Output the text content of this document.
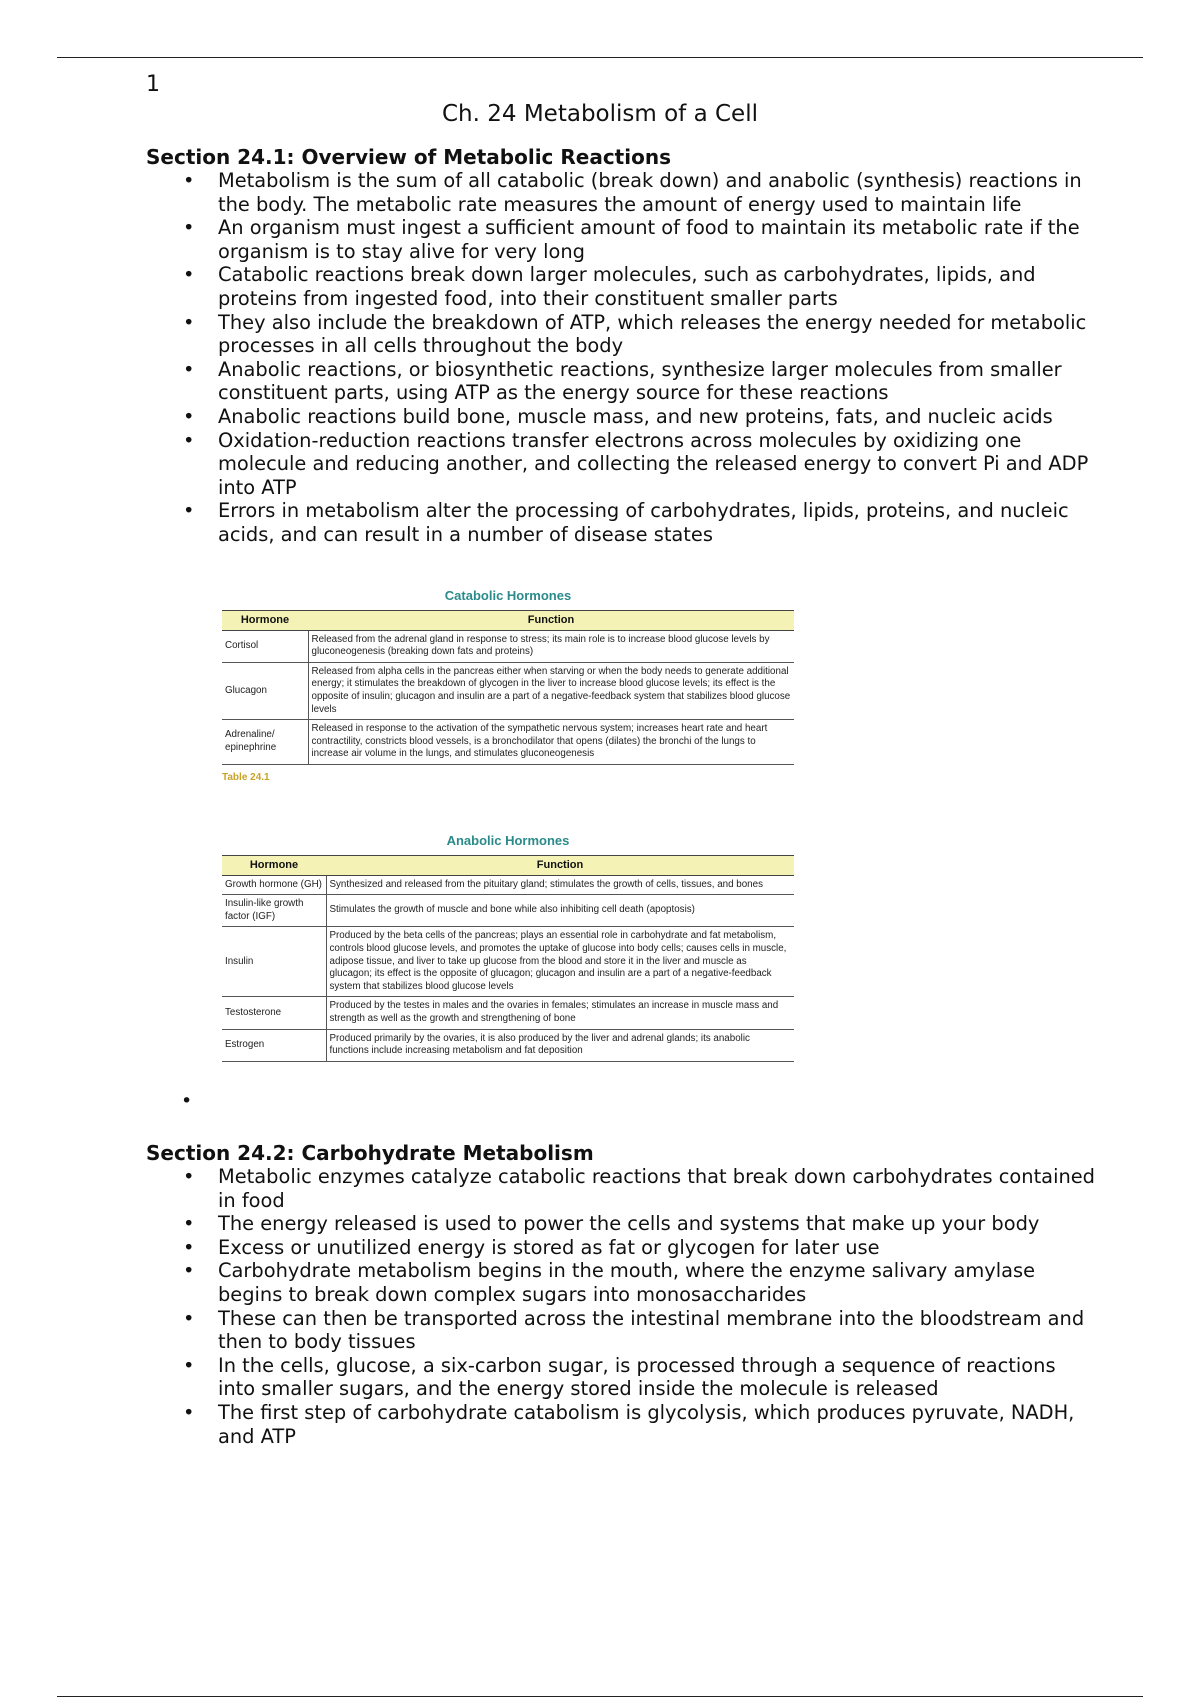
1
Ch. 24 Metabolism of a Cell
Section 24.1: Overview of Metabolic Reactions
• Metabolism is the sum of all catabolic (break down) and anabolic (synthesis) reactions in the body. The metabolic rate measures the amount of energy used to maintain life
• An organism must ingest a sufficient amount of food to maintain its metabolic rate if the organism is to stay alive for very long
• Catabolic reactions break down larger molecules, such as carbohydrates, lipids, and proteins from ingested food, into their constituent smaller parts
• They also include the breakdown of ATP, which releases the energy needed for metabolic processes in all cells throughout the body
• Anabolic reactions, or biosynthetic reactions, synthesize larger molecules from smaller constituent parts, using ATP as the energy source for these reactions
• Anabolic reactions build bone, muscle mass, and new proteins, fats, and nucleic acids
• Oxidation-reduction reactions transfer electrons across molecules by oxidizing one molecule and reducing another, and collecting the released energy to convert Pi and ADP into ATP
• Errors in metabolism alter the processing of carbohydrates, lipids, proteins, and nucleic acids, and can result in a number of disease states
Catabolic Hormones
Hormone	Function
Cortisol	Released from the adrenal gland in response to stress; its main role is to increase blood glucose levels by gluconeogenesis (breaking down fats and proteins)
Glucagon	Released from alpha cells in the pancreas either when starving or when the body needs to generate additional energy; it stimulates the breakdown of glycogen in the liver to increase blood glucose levels; its effect is the opposite of insulin; glucagon and insulin are a part of a negative-feedback system that stabilizes blood glucose levels
Adrenaline/ epinephrine	Released in response to the activation of the sympathetic nervous system; increases heart rate and heart contractility, constricts blood vessels, is a bronchodilator that opens (dilates) the bronchi of the lungs to increase air volume in the lungs, and stimulates gluconeogenesis
Table 24.1
Anabolic Hormones
Hormone	Function
Growth hormone (GH)	Synthesized and released from the pituitary gland; stimulates the growth of cells, tissues, and bones
Insulin-like growth factor (IGF)	Stimulates the growth of muscle and bone while also inhibiting cell death (apoptosis)
Insulin	Produced by the beta cells of the pancreas; plays an essential role in carbohydrate and fat metabolism, controls blood glucose levels, and promotes the uptake of glucose into body cells; causes cells in muscle, adipose tissue, and liver to take up glucose from the blood and store it in the liver and muscle as glucagon; its effect is the opposite of glucagon; glucagon and insulin are a part of a negative-feedback system that stabilizes blood glucose levels
Testosterone	Produced by the testes in males and the ovaries in females; stimulates an increase in muscle mass and strength as well as the growth and strengthening of bone
Estrogen	Produced primarily by the ovaries, it is also produced by the liver and adrenal glands; its anabolic functions include increasing metabolism and fat deposition
•
Section 24.2: Carbohydrate Metabolism
• Metabolic enzymes catalyze catabolic reactions that break down carbohydrates contained in food
• The energy released is used to power the cells and systems that make up your body
• Excess or unutilized energy is stored as fat or glycogen for later use
• Carbohydrate metabolism begins in the mouth, where the enzyme salivary amylase begins to break down complex sugars into monosaccharides
• These can then be transported across the intestinal membrane into the bloodstream and then to body tissues
• In the cells, glucose, a six-carbon sugar, is processed through a sequence of reactions into smaller sugars, and the energy stored inside the molecule is released
• The first step of carbohydrate catabolism is glycolysis, which produces pyruvate, NADH, and ATP
